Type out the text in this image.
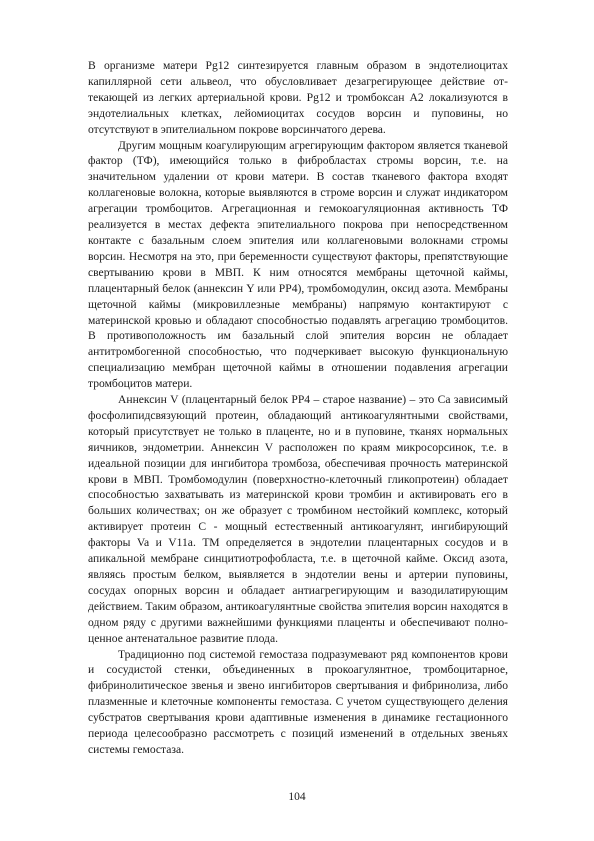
В организме матери Pg12 синтезируется главным образом в эндотелиоцитах капиллярной сети альвеол, что обусловливает дезагрегирующее действие оттекающей из легких артериальной крови. Pg12 и тромбоксан А2 локализуются в эндотелиальных клетках, лейомиоцитах сосудов ворсин и пуповины, но отсутствуют в эпителиальном покрове ворсинчатого дерева.

Другим мощным коагулирующим агрегирующим фактором является тканевой фактор (ТФ), имеющийся только в фибробластах стромы ворсин, т.е. на значительном удалении от крови матери. В состав тканевого фактора входят коллагеновые волокна, которые выявляются в строме ворсин и служат индикатором агрегации тромбоцитов. Агрегационная и гемокоагуляционная активность ТФ реализуется в местах дефекта эпителиального покрова при непосредственном контакте с базальным слоем эпителия или коллагеновыми волокнами стромы ворсин. Несмотря на это, при беременности существуют факторы, препятствующие свертыванию крови в МВП. К ним относятся мембраны щеточной каймы, плацентарный белок (аннексин Y или РР4), тромбомодулин, оксид азота. Мембраны щеточной каймы (микровиллезные мембраны) напрямую контактируют с материнской кровью и обладают способностью подавлять агрегацию тромбоцитов. В противоположность им базальный слой эпителия ворсин не обладает антитромбогенной способностью, что подчеркивает высокую функциональную специализацию мембран щеточной каймы в отношении подавления агрегации тромбоцитов матери.

Аннексин V (плацентарный белок РР4 – старое название) – это Са зависимый фосфолипидсвязующий протеин, обладающий антикоагулянтными свойствами, который присутствует не только в плаценте, но и в пуповине, тканях нормальных яичников, эндометрии. Аннексин V расположен по краям микросорсинок, т.е. в идеальной позиции для ингибитора тромбоза, обеспечивая прочность материнской крови в МВП. Тромбомодулин (поверхностно-клеточный гликопротеин) обладает способностью захватывать из материнской крови тромбин и активировать его в больших количествах; он же образует с тромбином нестойкий комплекс, который активирует протеин С - мощный естественный антикоагулянт, ингибирующий факторы Va и V11a. ТМ определяется в эндотелии плацентарных сосудов и в апикальной мембране синцитиотрофобласта, т.е. в щеточной кайме. Оксид азота, являясь простым белком, выявляется в эндотелии вены и артерии пуповины, сосудах опорных ворсин и обладает антиагрегирующим и вазодилатирующим действием. Таким образом, антикоагулянтные свойства эпителия ворсин находятся в одном ряду с другими важнейшими функциями плаценты и обеспечивают полноценное антенатальное развитие плода.

Традиционно под системой гемостаза подразумевают ряд компонентов крови и сосудистой стенки, объединенных в прокоагулянтное, тромбоцитарное, фибринолитическое звенья и звено ингибиторов свертывания и фибринолиза, либо плазменные и клеточные компоненты гемостаза. С учетом существующего деления субстратов свертывания крови адаптивные изменения в динамике гестационного периода целесообразно рассмотреть с позиций изменений в отдельных звеньях системы гемостаза.

104
